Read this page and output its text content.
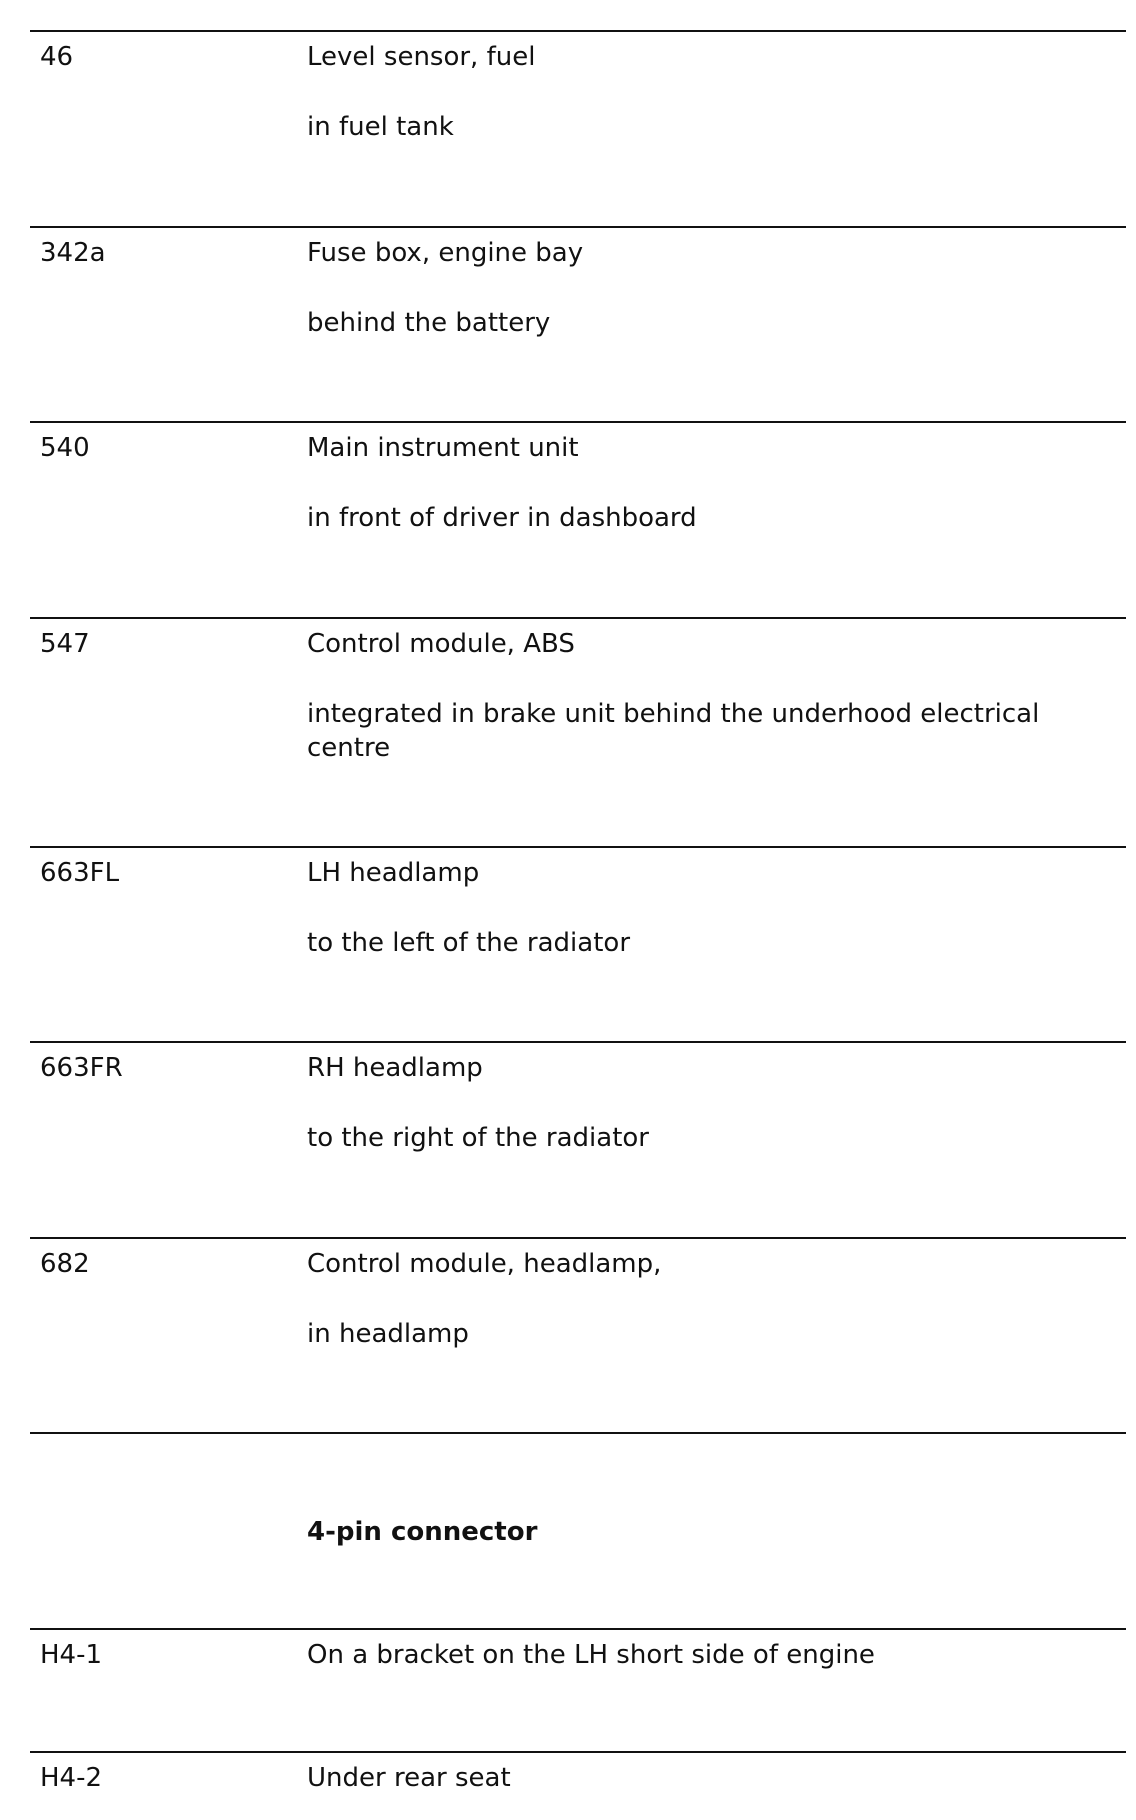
46	Level sensor, fuel
in fuel tank
342a	Fuse box, engine bay
behind the battery
540	Main instrument unit
in front of driver in dashboard
547	Control module, ABS
integrated in brake unit behind the underhood electrical centre
663FL	LH headlamp
to the left of the radiator
663FR	RH headlamp
to the right of the radiator
682	Control module, headlamp,
in headlamp
4-pin connector
H4-1	On a bracket on the LH short side of engine
H4-2	Under rear seat
